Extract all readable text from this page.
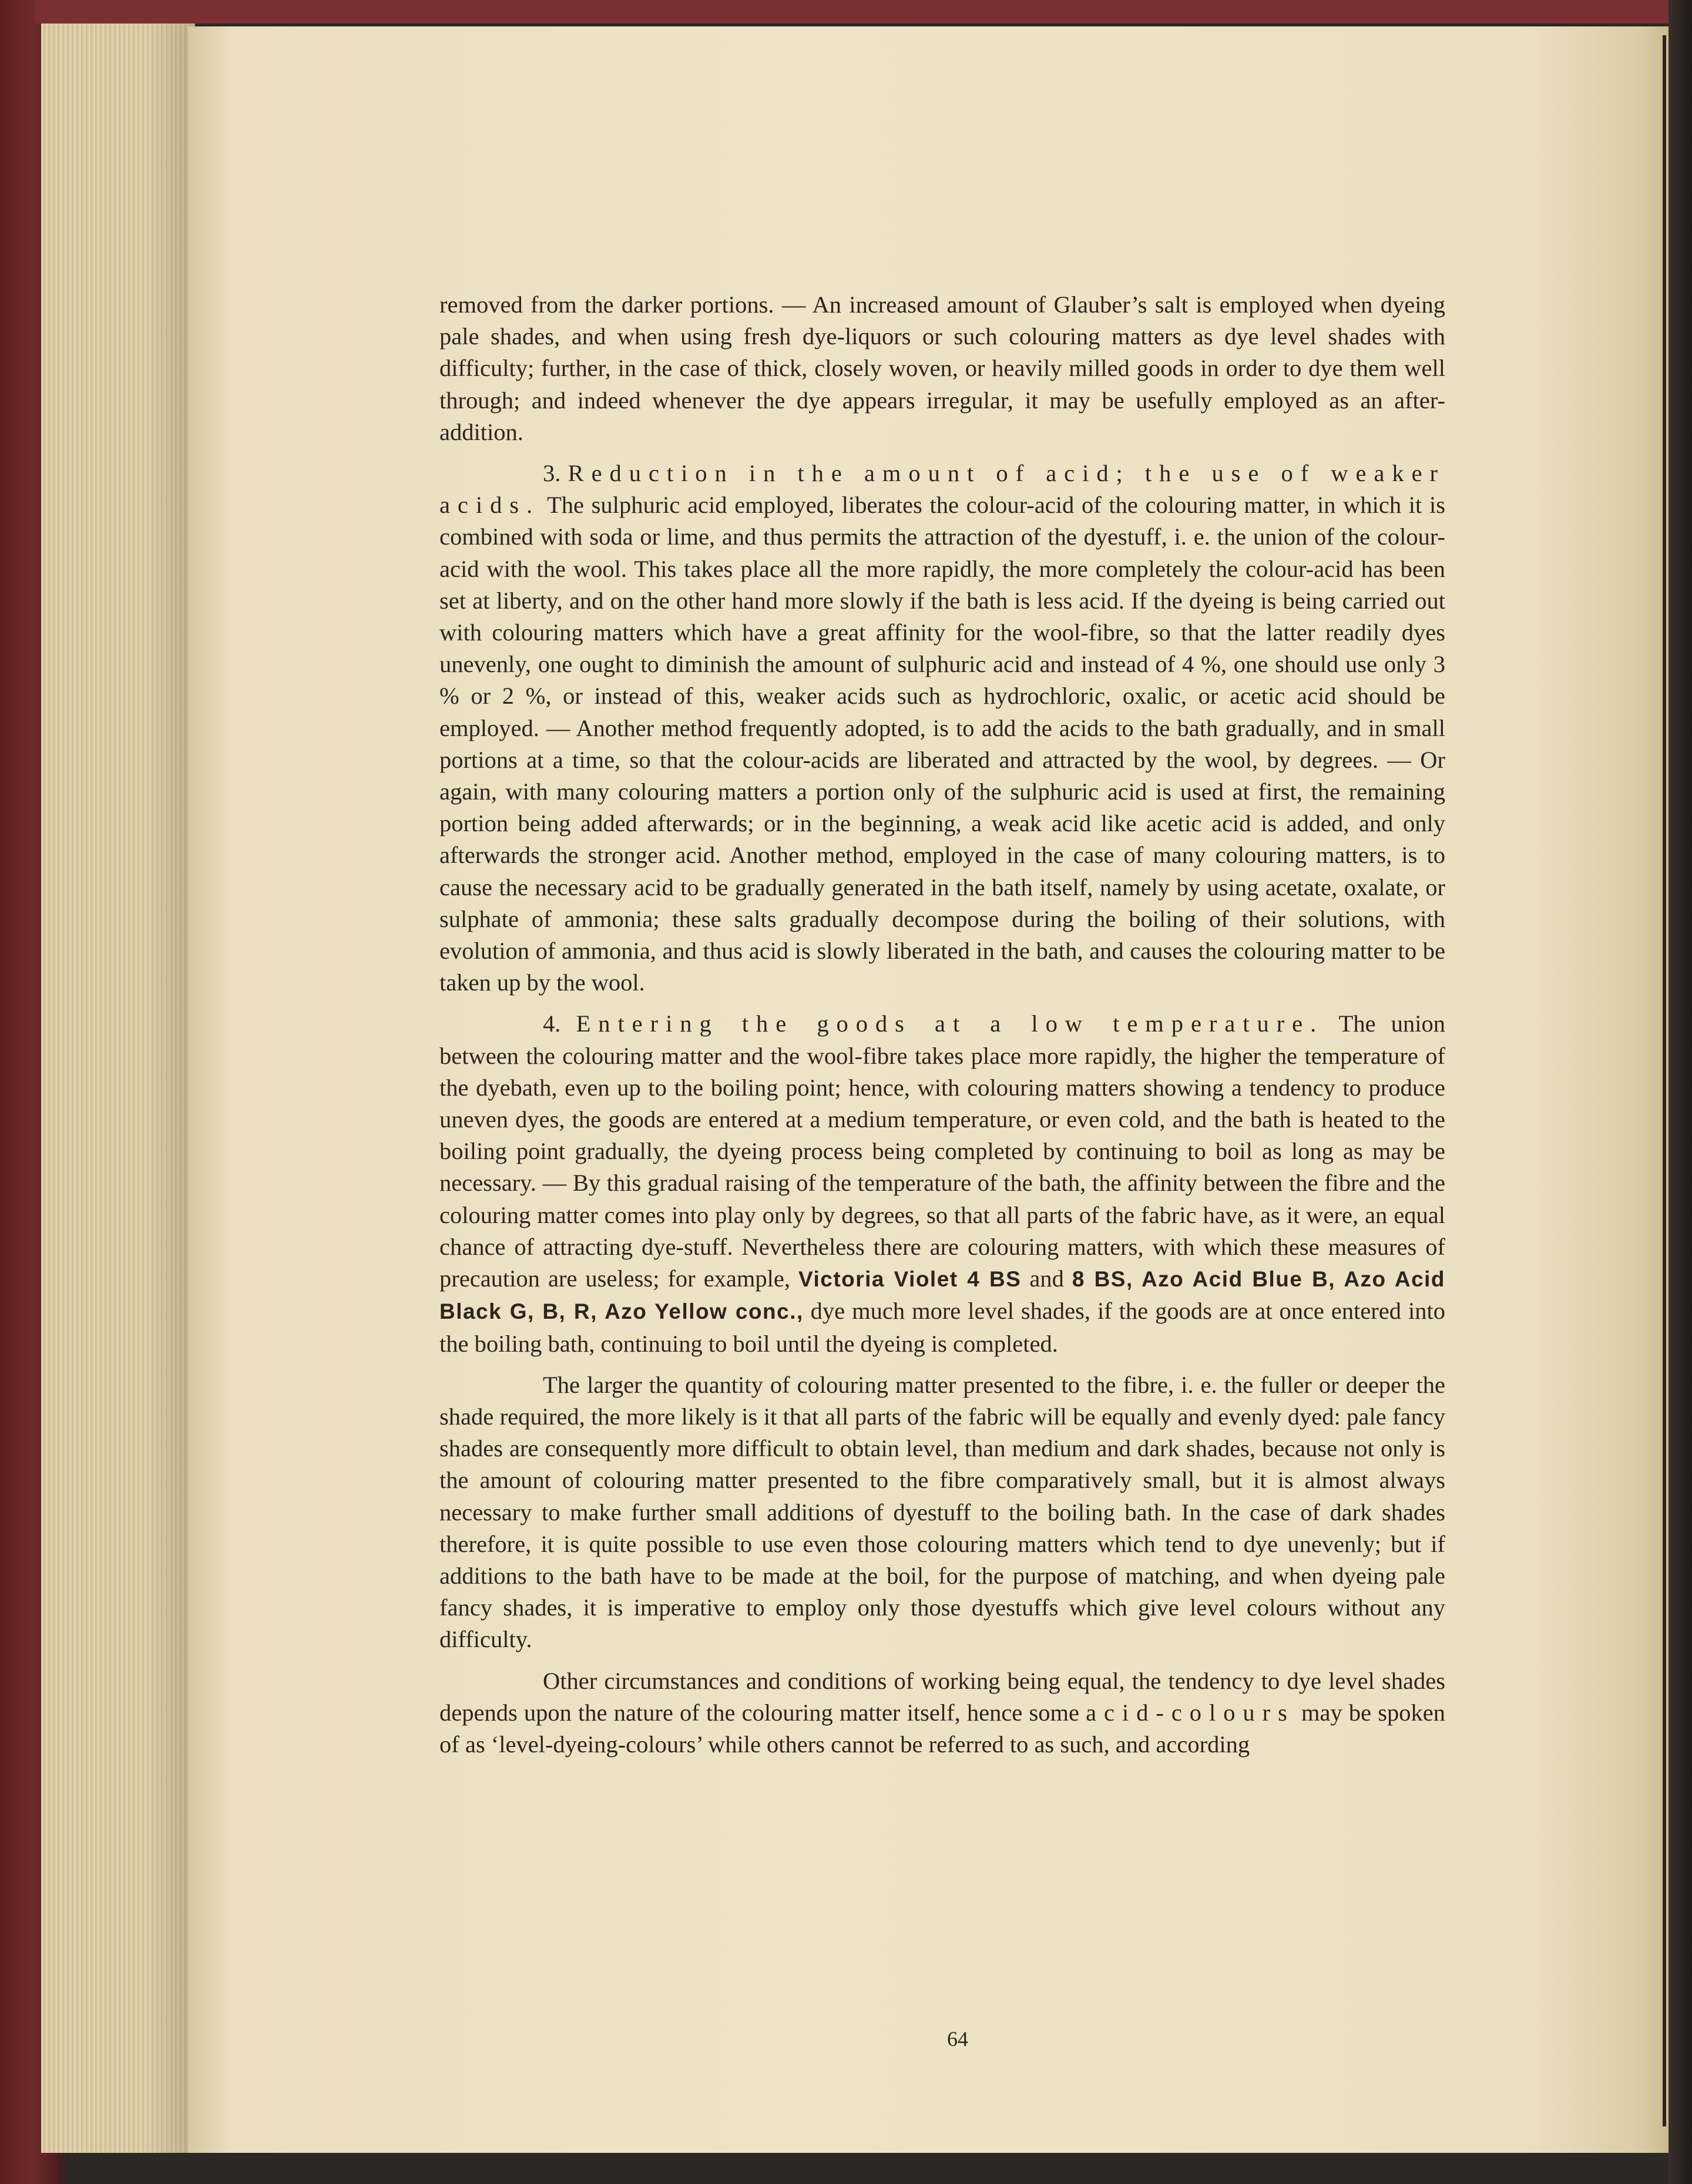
removed from the darker portions. — An increased amount of Glauber’s salt is employed when dyeing pale shades, and when using fresh dye-liquors or such colouring matters as dye level shades with difficulty; further, in the case of thick, closely woven, or heavily milled goods in order to dye them well through; and indeed whenever the dye appears irregular, it may be usefully employed as an after-addition.

3. Reduction in the amount of acid; the use of weaker acids. The sulphuric acid employed, liberates the colour-acid of the colouring matter, in which it is combined with soda or lime, and thus permits the attraction of the dyestuff, i. e. the union of the colour-acid with the wool. This takes place all the more rapidly, the more completely the colour-acid has been set at liberty, and on the other hand more slowly if the bath is less acid. If the dyeing is being carried out with colouring matters which have a great affinity for the wool-fibre, so that the latter readily dyes unevenly, one ought to diminish the amount of sulphuric acid and instead of 4 %, one should use only 3 % or 2 %, or instead of this, weaker acids such as hydrochloric, oxalic, or acetic acid should be employed. — Another method frequently adopted, is to add the acids to the bath gradually, and in small portions at a time, so that the colour-acids are liberated and attracted by the wool, by degrees. — Or again, with many colouring matters a portion only of the sulphuric acid is used at first, the remaining portion being added afterwards; or in the beginning, a weak acid like acetic acid is added, and only afterwards the stronger acid. Another method, employed in the case of many colouring matters, is to cause the necessary acid to be gradually generated in the bath itself, namely by using acetate, oxalate, or sulphate of ammonia; these salts gradually decompose during the boiling of their solutions, with evolution of ammonia, and thus acid is slowly liberated in the bath, and causes the colouring matter to be taken up by the wool.

4. Entering the goods at a low temperature. The union between the colouring matter and the wool-fibre takes place more rapidly, the higher the temperature of the dyebath, even up to the boiling point; hence, with colouring matters showing a tendency to produce uneven dyes, the goods are entered at a medium temperature, or even cold, and the bath is heated to the boiling point gradually, the dyeing process being completed by continuing to boil as long as may be necessary. — By this gradual raising of the temperature of the bath, the affinity between the fibre and the colouring matter comes into play only by degrees, so that all parts of the fabric have, as it were, an equal chance of attracting dye-stuff. Nevertheless there are colouring matters, with which these measures of precaution are useless; for example, Victoria Violet 4 BS and 8 BS, Azo Acid Blue B, Azo Acid Black G, B, R, Azo Yellow conc., dye much more level shades, if the goods are at once entered into the boiling bath, continuing to boil until the dyeing is completed.

The larger the quantity of colouring matter presented to the fibre, i. e. the fuller or deeper the shade required, the more likely is it that all parts of the fabric will be equally and evenly dyed: pale fancy shades are consequently more difficult to obtain level, than medium and dark shades, because not only is the amount of colouring matter presented to the fibre comparatively small, but it is almost always necessary to make further small additions of dyestuff to the boiling bath. In the case of dark shades therefore, it is quite possible to use even those colouring matters which tend to dye unevenly; but if additions to the bath have to be made at the boil, for the purpose of matching, and when dyeing pale fancy shades, it is imperative to employ only those dyestuffs which give level colours without any difficulty.

Other circumstances and conditions of working being equal, the tendency to dye level shades depends upon the nature of the colouring matter itself, hence some acid-colours may be spoken of as ‘level-dyeing-colours’ while others cannot be referred to as such, and according

64
